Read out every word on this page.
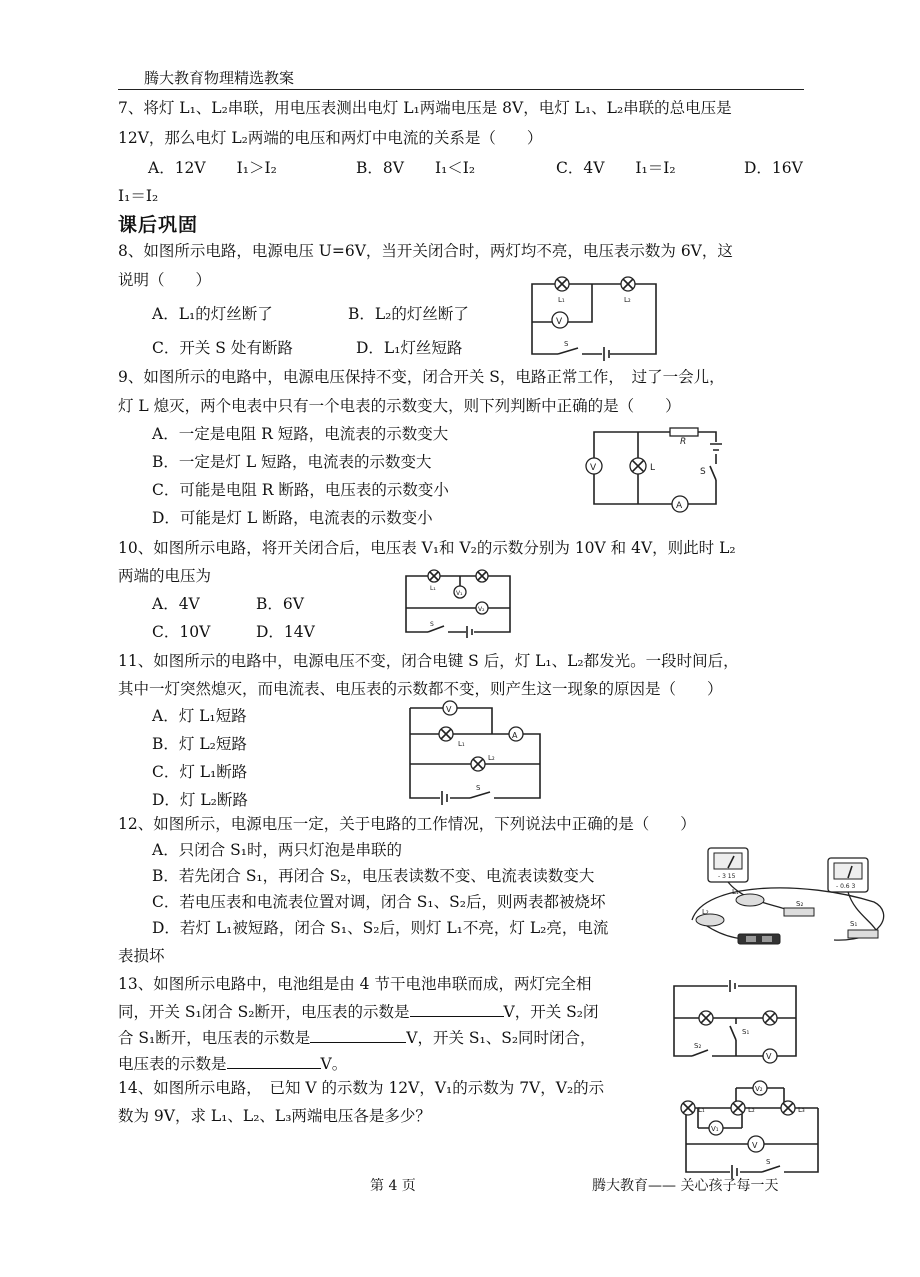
腾大教育物理精选教案
7、将灯 L₁、L₂串联，用电压表测出电灯 L₁两端电压是 8V，电灯 L₁、L₂串联的总电压是
12V，那么电灯 L₂两端的电压和两灯中电流的关系是（　　）
A．12V　　I₁＞I₂	B．8V　　I₁＜I₂	C．4V　　I₁＝I₂	D．16V
I₁＝I₂
课后巩固
8、如图所示电路，电源电压 U=6V，当开关闭合时，两灯均不亮，电压表示数为 6V，这
说明（　　）
A．L₁的灯丝断了	B．L₂的灯丝断了
C．开关 S 处有断路	D．L₁灯丝短路
V
L₁	L₂
S
9、如图所示的电路中，电源电压保持不变，闭合开关 S，电路正常工作，　过了一会儿，
灯 L 熄灭，两个电表中只有一个电表的示数变大，则下列判断中正确的是（　　）
A．一定是电阻 R 短路，电流表的示数变大
B．一定是灯 L 短路，电流表的示数变大
C．可能是电阻 R 断路，电压表的示数变小
D．可能是灯 L 断路，电流表的示数变小
V	L
R
S
A
10、如图所示电路，将开关闭合后，电压表 V₁和 V₂的示数分别为 10V 和 4V，则此时 L₂
两端的电压为
A．4V	B．6V
C．10V	D．14V
V₁
V₂
L₁
S
11、如图所示的电路中，电源电压不变，闭合电键 S 后，灯 L₁、L₂都发光。一段时间后，
其中一灯突然熄灭，而电流表、电压表的示数都不变，则产生这一现象的原因是（　　）
A．灯 L₁短路
B．灯 L₂短路
C．灯 L₁断路
D．灯 L₂断路
V
L₁
A
L₂
S
12、如图所示，电源电压一定，关于电路的工作情况，下列说法中正确的是（　　）
A．只闭合 S₁时，两只灯泡是串联的
B．若先闭合 S₁，再闭合 S₂，电压表读数不变、电流表读数变大
C．若电压表和电流表位置对调，闭合 S₁、S₂后，则两表都被烧坏
D．若灯 L₁被短路，闭合 S₁、S₂后，则灯 L₁不亮，灯 L₂亮，电流
表损坏
- 3 15
- 0.6 3
L₁
L₂
S₂
S₁
13、如图所示电路中，电池组是由 4 节干电池串联而成，两灯完全相
同，开关 S₁闭合 S₂断开，电压表的示数是	V，开关 S₂闭
合 S₁断开，电压表的示数是	V，开关 S₁、S₂同时闭合，
电压表的示数是	V。
S₁
S₂
V
14、如图所示电路，　已知 V 的示数为 12V，V₁的示数为 7V，V₂的示
数为 9V，求 L₁、L₂、L₃两端电压各是多少？
V₂
L₁	L₂	L₃
V₁
V
S
第 4 页	腾大教育—— 关心孩子每一天
